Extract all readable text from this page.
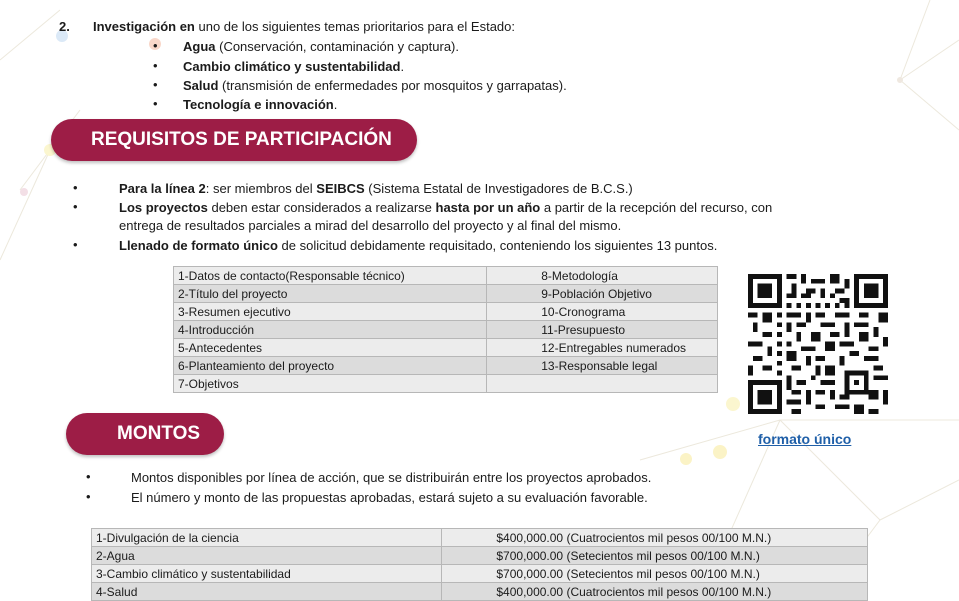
2. Investigación en uno de los siguientes temas prioritarios para el Estado:
• Agua (Conservación, contaminación y captura).
• Cambio climático y sustentabilidad.
• Salud (transmisión de enfermedades por mosquitos y garrapatas).
• Tecnología e innovación.
REQUISITOS DE PARTICIPACIÓN
•	Para la línea 2: ser miembros del SEIBCS (Sistema Estatal de Investigadores de B.C.S.)
•	Los proyectos deben estar considerados a realizarse hasta por un año a partir de la recepción del recurso, con
entrega de resultados parciales a mirad del desarrollo del proyecto y al final del mismo.
•	Llenado de formato único de solicitud debidamente requisitado, conteniendo los siguientes 13 puntos.
1-Datos de contacto(Responsable técnico)	8-Metodología
2-Título del proyecto	9-Población Objetivo
3-Resumen ejecutivo	10-Cronograma
4-Introducción	11-Presupuesto
5-Antecedentes	12-Entregables numerados
6-Planteamiento del proyecto	13-Responsable legal
7-Objetivos	
formato único
MONTOS
•	Montos disponibles por línea de acción, que se distribuirán entre los proyectos aprobados.
•	El número y monto de las propuestas aprobadas, estará sujeto a su evaluación favorable.
1-Divulgación de la ciencia	$400,000.00 (Cuatrocientos mil pesos 00/100 M.N.)
2-Agua	$700,000.00 (Setecientos mil pesos 00/100 M.N.)
3-Cambio climático y sustentabilidad	$700,000.00 (Setecientos mil pesos 00/100 M.N.)
4-Salud	$400,000.00 (Cuatrocientos mil pesos 00/100 M.N.)
